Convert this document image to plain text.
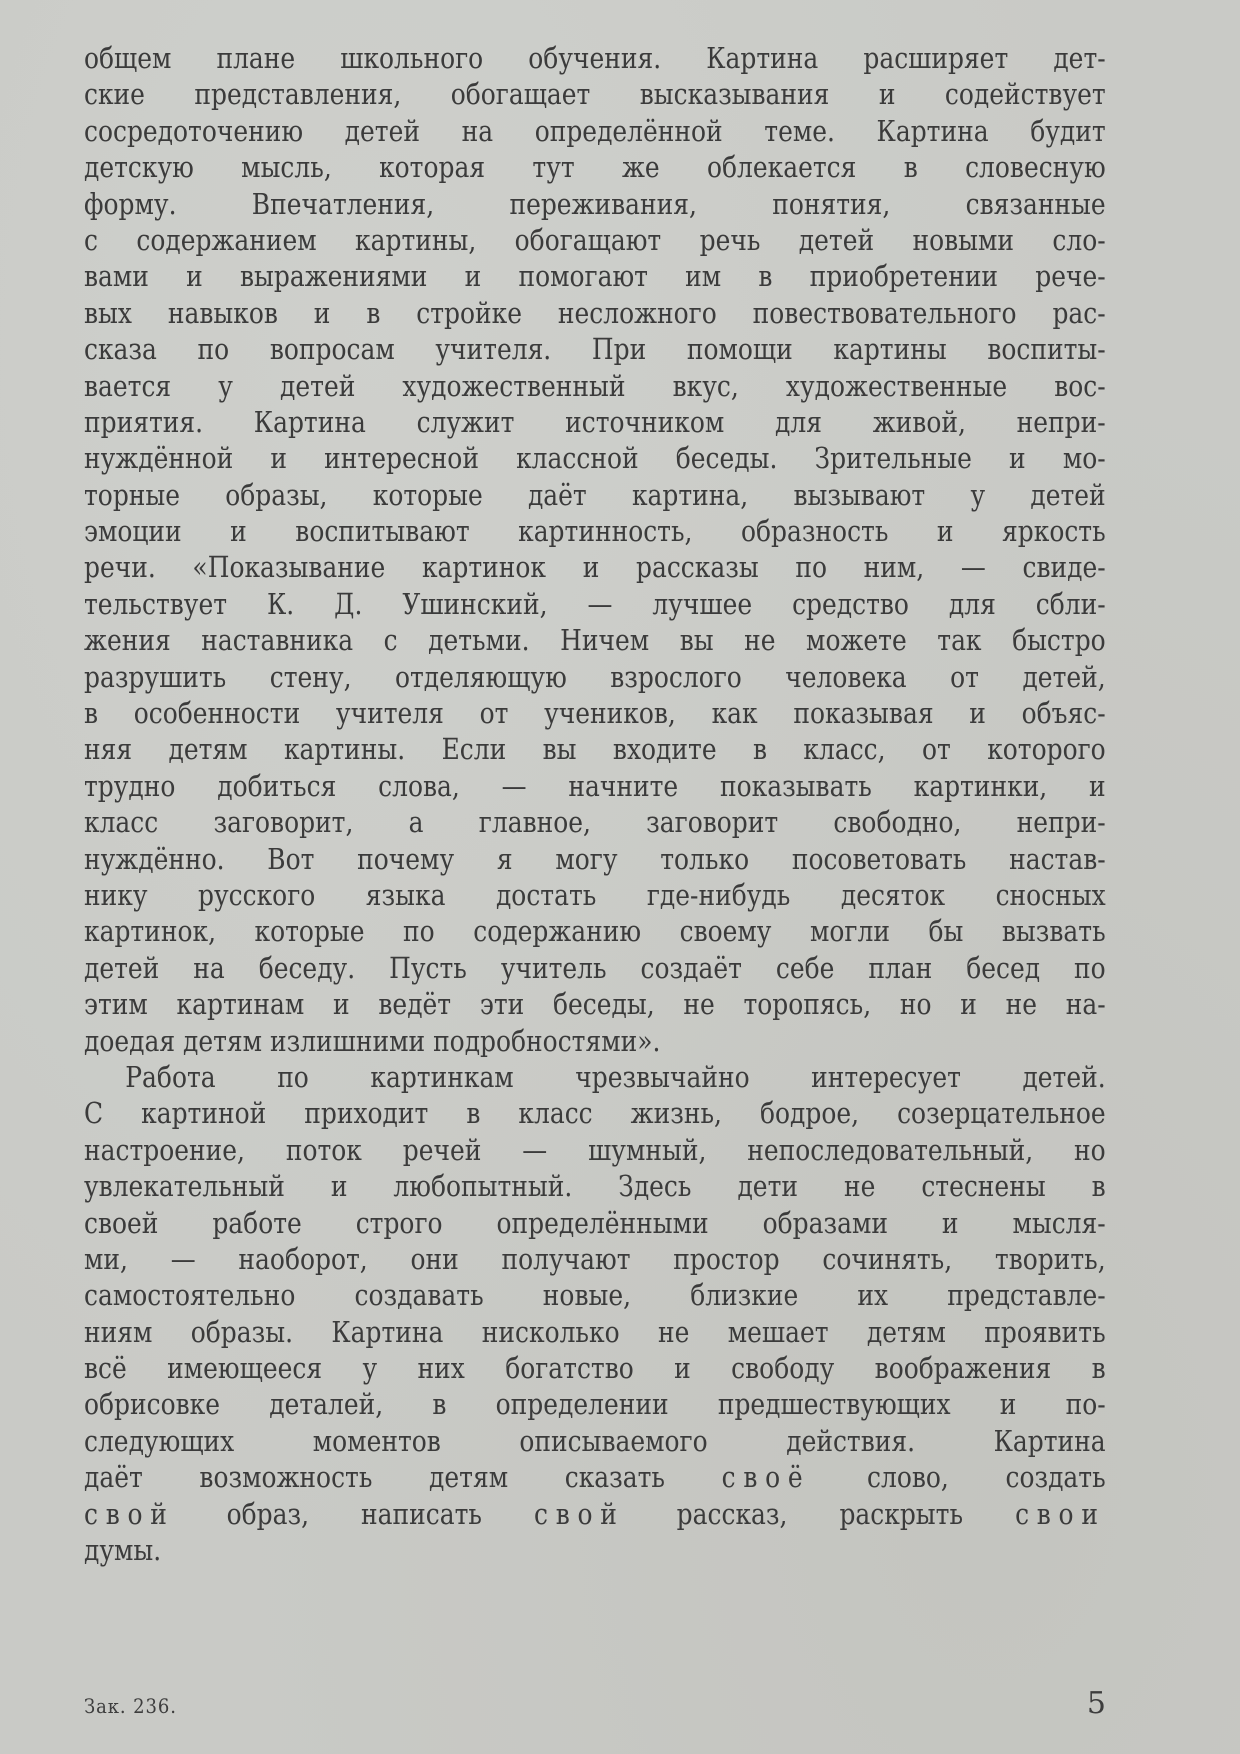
общем плане школьного обучения. Картина расширяет дет-
ские представления, обогащает высказывания и содействует
сосредоточению детей на определённой теме. Картина будит
детскую мысль, которая тут же облекается в словесную
форму. Впечатления, переживания, понятия, связанные
с содержанием картины, обогащают речь детей новыми сло-
вами и выражениями и помогают им в приобретении рече-
вых навыков и в стройке несложного повествовательного рас-
сказа по вопросам учителя. При помощи картины воспиты-
вается у детей художественный вкус, художественные вос-
приятия. Картина служит источником для живой, непри-
нуждённой и интересной классной беседы. Зрительные и мо-
торные образы, которые даёт картина, вызывают у детей
эмоции и воспитывают картинность, образность и яркость
речи. «Показывание картинок и рассказы по ним, — свиде-
тельствует К. Д. Ушинский, — лучшее средство для сбли-
жения наставника с детьми. Ничем вы не можете так быстро
разрушить стену, отделяющую взрослого человека от детей,
в особенности учителя от учеников, как показывая и объяс-
няя детям картины. Если вы входите в класс, от которого
трудно добиться слова, — начните показывать картинки, и
класс заговорит, а главное, заговорит свободно, непри-
нуждённо. Вот почему я могу только посоветовать настав-
нику русского языка достать где-нибудь десяток сносных
картинок, которые по содержанию своему могли бы вызвать
детей на беседу. Пусть учитель создаёт себе план бесед по
этим картинам и ведёт эти беседы, не торопясь, но и не на-
доедая детям излишними подробностями».
Работа по картинкам чрезвычайно интересует детей.
С картиной приходит в класс жизнь, бодрое, созерцательное
настроение, поток речей — шумный, непоследовательный, но
увлекательный и любопытный. Здесь дети не стеснены в
своей работе строго определёнными образами и мысля-
ми, — наоборот, они получают простор сочинять, творить,
самостоятельно создавать новые, близкие их представле-
ниям образы. Картина нисколько не мешает детям проявить
всё имеющееся у них богатство и свободу воображения в
обрисовке деталей, в определении предшествующих и по-
следующих моментов описываемого действия. Картина
даёт возможность детям сказать своё слово, создать
свой образ, написать свой рассказ, раскрыть свои
думы.
Зак. 236.	5
